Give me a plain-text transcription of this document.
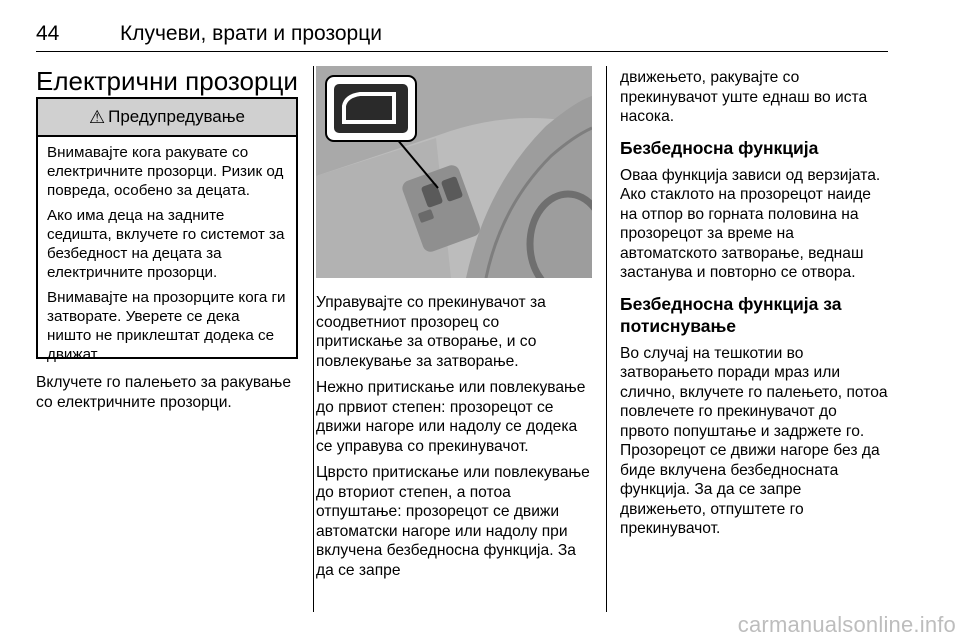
44	Клучеви, врати и прозорци
Електрични прозорци
⚠ Предупредување

Внимавајте кога ракувате со електричните прозорци. Ризик од повреда, особено за децата.

Ако има деца на задните седишта, вклучете го системот за безбедност на децата за електричните прозорци.

Внимавајте на прозорците кога ги затворате. Уверете се дека ништо не приклештат додека се движат.

Вклучете го палењето за ракување со електричните прозорци.

Управувајте со прекинувачот за соодветниот прозорец со притискање за отворање, и со повлекување за затворање.

Нежно притискање или повлекување до првиот степен: прозорецот се движи нагоре или надолу се додека се управува со прекинувачот.

Цврсто притискање или повлекување до вториот степен, а потоа отпуштање: прозорецот се движи автоматски нагоре или надолу при вклучена безбедносна функција. За да се запре

движењето, ракувајте со прекинувачот уште еднаш во иста насока.

Безбедносна функција

Оваа функција зависи од верзијата. Ако стаклото на прозорецот наиде на отпор во горната половина на прозорецот за време на автоматското затворање, веднаш застанува и повторно се отвора.

Безбедносна функција за потиснување

Во случај на тешкотии во затворањето поради мраз или слично, вклучете го палењето, потоа повлечете го прекинувачот до првото попуштање и задржете го. Прозорецот се движи нагоре без да биде вклучена безбедносната функција. За да се запре движењето, отпуштете го прекинувачот.

carmanualsonline.info
